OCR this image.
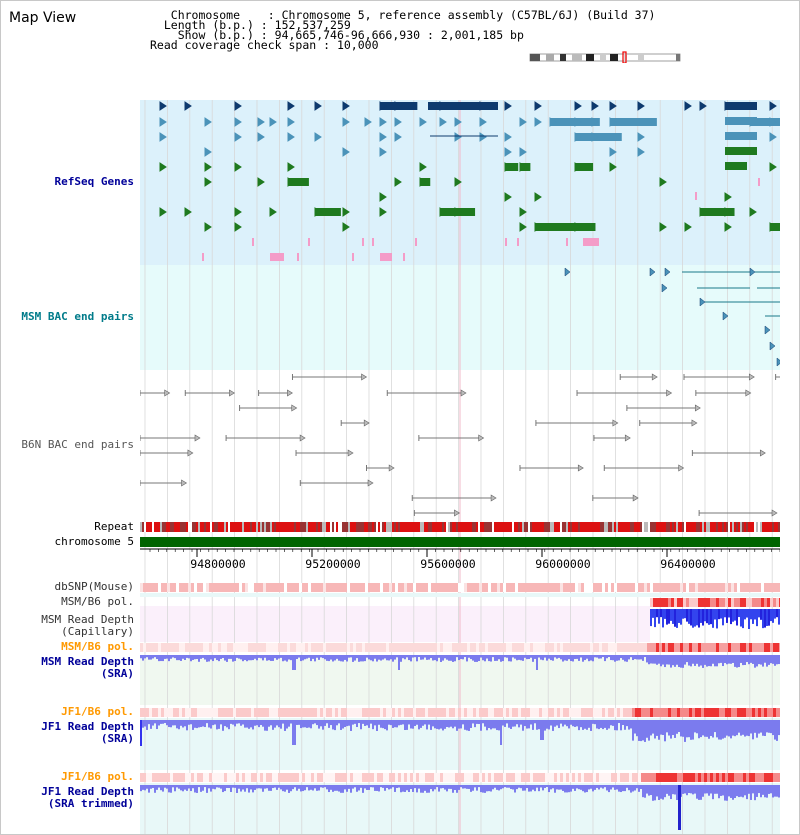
Map View	Chromosome    : Chromosome 5, reference assembly (C57BL/6J) (Build 37)
Length (b.p.) : 152,537,259
Show (b.p.) : 94,665,746-96,666,930 : 2,001,185 bp
Read coverage check span : 10,000
RefSeq Genes
MSM BAC end pairs
B6N BAC end pairs
Repeat
chromosome 5
dbSNP(Mouse)
MSM/B6 pol.
MSM Read Depth
(Capillary)
MSM/B6 pol.
MSM Read Depth
(SRA)
JF1/B6 pol.
JF1 Read Depth
(SRA)
JF1/B6 pol.
JF1 Read Depth
(SRA trimmed)
94800000	95200000	95600000	96000000	96400000
